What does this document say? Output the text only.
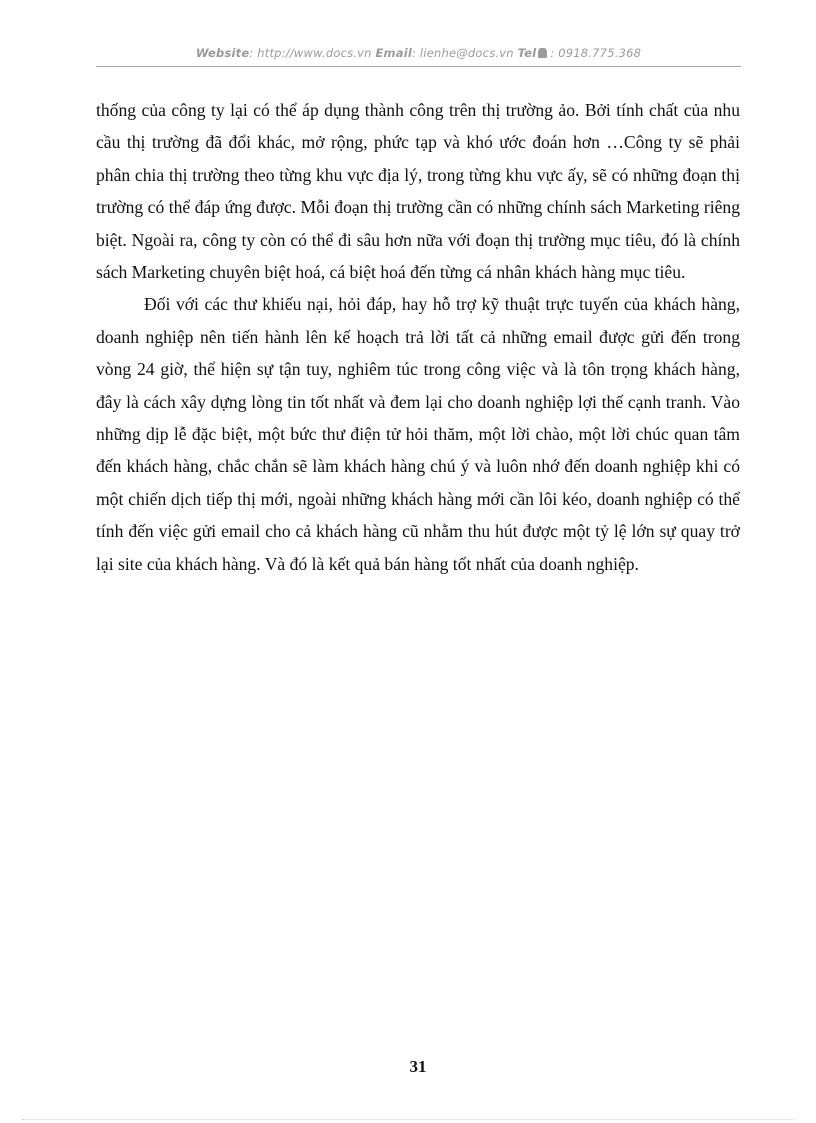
Website: http://www.docs.vn Email: lienhe@docs.vn Tel : 0918.775.368

thống của công ty lại có thể áp dụng thành công trên thị trường ảo. Bởi tính chất của nhu cầu thị trường đã đổi khác, mở rộng, phức tạp và khó ước đoán hơn …Công ty sẽ phải phân chia thị trường theo từng khu vực địa lý, trong từng khu vực ấy, sẽ có những đoạn thị trường có thể đáp ứng được. Mỗi đoạn thị trường cần có những chính sách Marketing riêng biệt. Ngoài ra, công ty còn có thể đi sâu hơn nữa với đoạn thị trường mục tiêu, đó là chính sách Marketing chuyên biệt hoá, cá biệt hoá đến từng cá nhân khách hàng mục tiêu.

Đối với các thư khiếu nại, hỏi đáp, hay hỗ trợ kỹ thuật trực tuyến của khách hàng, doanh nghiệp nên tiến hành lên kế hoạch trả lời tất cả những email được gửi đến trong vòng 24 giờ, thể hiện sự tận tuy, nghiêm túc trong công việc và là tôn trọng khách hàng, đây là cách xây dựng lòng tin tốt nhất và đem lại cho doanh nghiệp lợi thế cạnh tranh. Vào những dịp lễ đặc biệt, một bức thư điện tử hỏi thăm, một lời chào, một lời chúc quan tâm đến khách hàng, chắc chắn sẽ làm khách hàng chú ý và luôn nhớ đến doanh nghiệp khi có một chiến dịch tiếp thị mới, ngoài những khách hàng mới cần lôi kéo, doanh nghiệp có thể tính đến việc gửi email cho cả khách hàng cũ nhằm thu hút được một tỷ lệ lớn sự quay trở lại site của khách hàng. Và đó là kết quả bán hàng tốt nhất của doanh nghiệp.

31
